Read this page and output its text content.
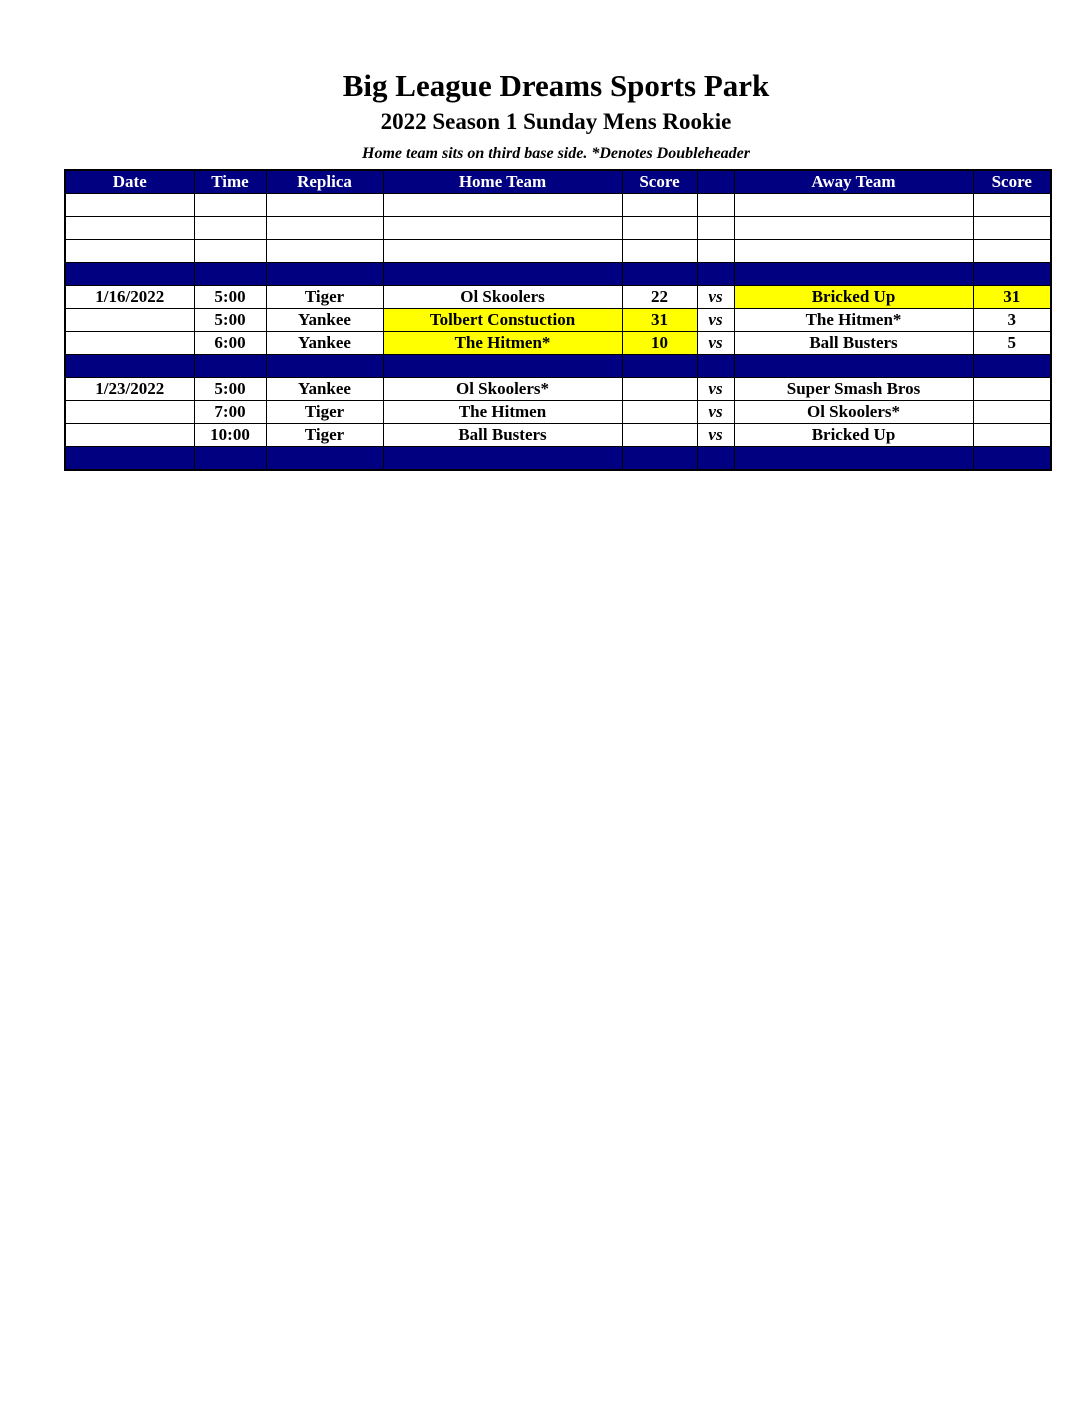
Big League Dreams Sports Park
2022 Season 1 Sunday Mens Rookie

Home team sits on third base side. *Denotes Doubleheader

Date	Time	Replica	Home Team	Score		Away Team	Score

1/16/2022	5:00	Tiger	Ol Skoolers	22	vs	Bricked Up	31
	5:00	Yankee	Tolbert Constuction	31	vs	The Hitmen*	3
	6:00	Yankee	The Hitmen*	10	vs	Ball Busters	5

1/23/2022	5:00	Yankee	Ol Skoolers*		vs	Super Smash Bros	
	7:00	Tiger	The Hitmen		vs	Ol Skoolers*	
	10:00	Tiger	Ball Busters		vs	Bricked Up	
